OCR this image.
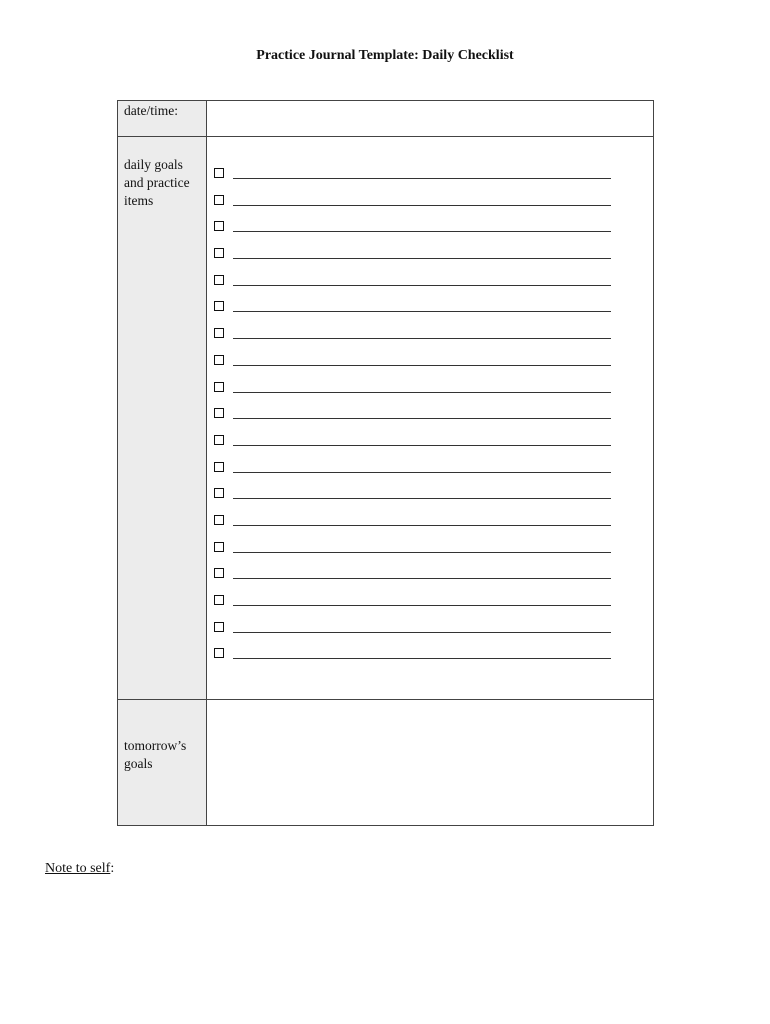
Practice Journal Template: Daily Checklist
date/time:
daily goals and practice items
tomorrow’s goals
Note to self:
